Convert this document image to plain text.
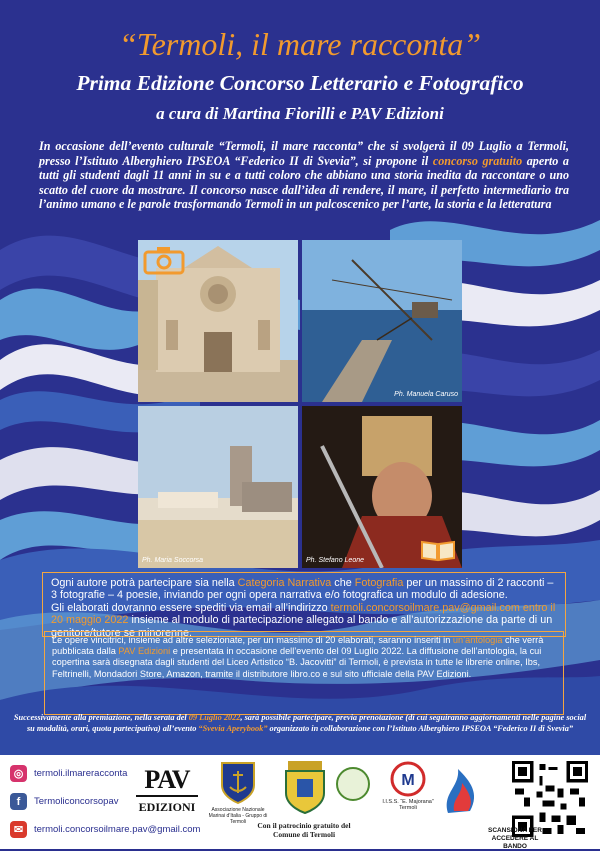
“Termoli, il mare racconta”
Prima Edizione Concorso Letterario e Fotografico
a cura di Martina Fiorilli e PAV Edizioni
In occasione dell’evento culturale “Termoli, il mare racconta” che si svolgerà il 09 Luglio a Termoli, presso l’Istituto Alberghiero IPSEOA “Federico II di Svevia”, si propone il concorso gratuito aperto a tutti gli studenti dagli 11 anni in su e a tutti coloro che abbiano una storia inedita da raccontare o uno scatto del cuore da mostrare. Il concorso nasce dall’idea di rendere, il mare, il perfetto intermediario tra l’animo umano e le parole trasformando Termoli in un palcoscenico per l’arte, la storia e la letteratura
Ph. Manuela Caruso
Ph. Maria Soccorsa	Ph. Stefano Leone
Ogni autore potrà partecipare sia nella Categoria Narrativa che Fotografia per un massimo di 2 racconti – 3 fotografie – 4 poesie, inviando per ogni opera narrativa e/o fotografica un modulo di adesione.
Gli elaborati dovranno essere spediti via email all’indirizzo termoli.concorsoilmare.pav@gmail.com entro il 20 maggio 2022 insieme al modulo di partecipazione allegato al bando e all’autorizzazione da parte di un genitore/tutore se minorenne.
Le opere vincitrici, insieme ad altre selezionate, per un massimo di 20 elaborati, saranno inseriti in un’antologia che verrà pubblicata dalla PAV Edizioni e presentata in occasione dell’evento del 09 Luglio 2022. La diffusione dell’antologia, la cui copertina sarà disegnata dagli studenti del Liceo Artistico “B. Jacovitti” di Termoli, è prevista in tutte le librerie online, Ibs, Feltrinelli, Mondadori Store, Amazon, tramite il distributore libro.co e sul sito ufficiale della PAV Edizioni.
Successivamente alla premiazione, nella serata del 09 Luglio 2022, sarà possibile partecipare, previa prenotazione (di cui seguiranno aggiornamenti nelle pagine social su modalità, orari, quota partecipativa) all’evento “Svevia Aperybook” organizzato in collaborazione con l’Istituto Alberghiero IPSEOA “Federico II di Svevia”
◎	termoli.ilmareracconta
f	Termoliconcorsopav
✉	termoli.concorsoilmare.pav@gmail.com
PAV
EDIZIONI	Associazione Nazionale Marinai d’Italia - Gruppo di Termoli	Con il patrocinio gratuito del Comune di Termoli
M
I.I.S.S. “E. Majorana” Termoli
SCANSIONA PER ACCEDERE AL BANDO
